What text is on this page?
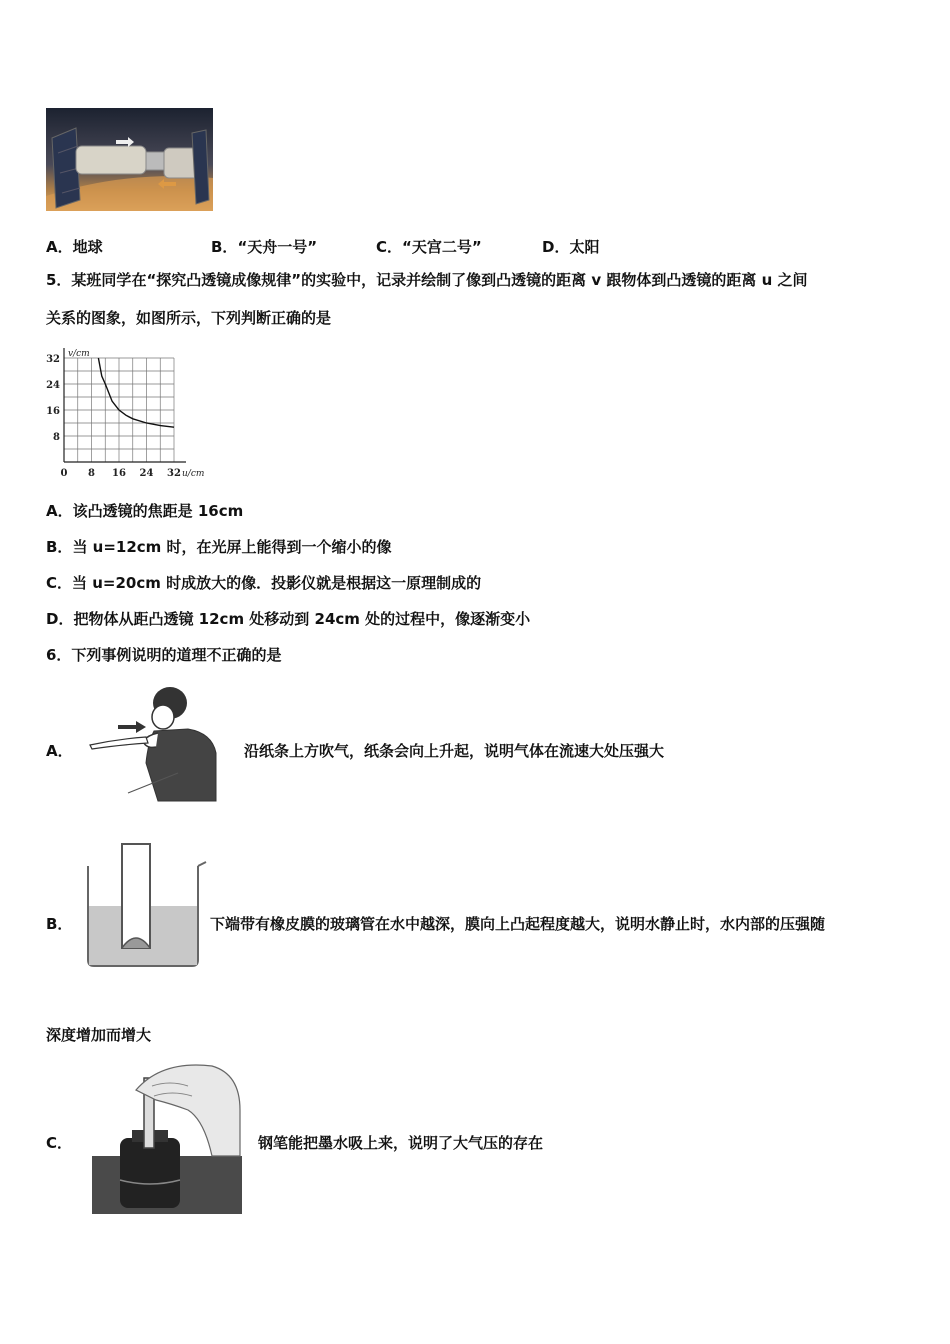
A．地球	B．“天舟一号”	C．“天宫二号”	D．太阳
5．某班同学在“探究凸透镜成像规律”的实验中，记录并绘制了像到凸透镜的距离 v 跟物体到凸透镜的距离 u 之间
关系的图象，如图所示，下列判断正确的是
0 8 16 24 32
8
16
24
32
u/cm
v/cm
A．该凸透镜的焦距是 16cm
B．当 u=12cm 时，在光屏上能得到一个缩小的像
C．当 u=20cm 时成放大的像．投影仪就是根据这一原理制成的
D．把物体从距凸透镜 12cm 处移动到 24cm 处的过程中，像逐渐变小
6．下列事例说明的道理不正确的是
A．	沿纸条上方吹气，纸条会向上升起，说明气体在流速大处压强大
B．	下端带有橡皮膜的玻璃管在水中越深，膜向上凸起程度越大，说明水静止时，水内部的压强随
深度增加而增大
C．	钢笔能把墨水吸上来，说明了大气压的存在
